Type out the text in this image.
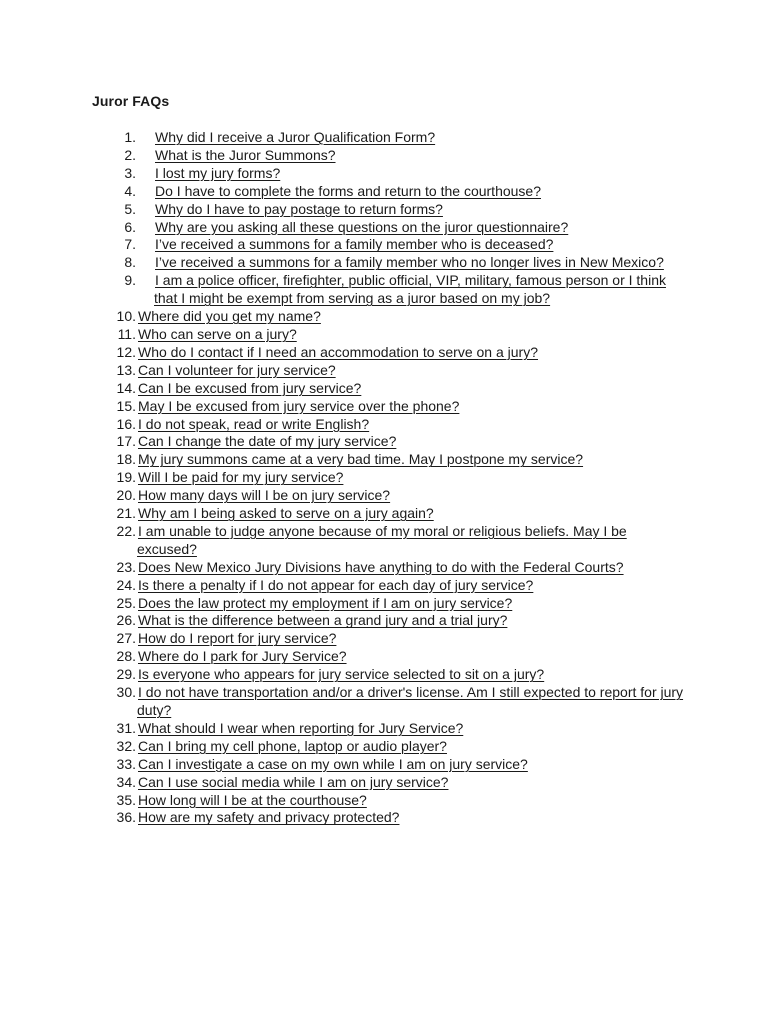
Juror FAQs
1. Why did I receive a Juror Qualification Form?
2. What is the Juror Summons?
3. I lost my jury forms?
4. Do I have to complete the forms and return to the courthouse?
5. Why do I have to pay postage to return forms?
6. Why are you asking all these questions on the juror questionnaire?
7. I’ve received a summons for a family member who is deceased?
8. I’ve received a summons for a family member who no longer lives in New Mexico?
9. I am a police officer, firefighter, public official, VIP, military, famous person or I think that I might be exempt from serving as a juror based on my job?
10. Where did you get my name?
11. Who can serve on a jury?
12. Who do I contact if I need an accommodation to serve on a jury?
13. Can I volunteer for jury service?
14. Can I be excused from jury service?
15. May I be excused from jury service over the phone?
16. I do not speak, read or write English?
17. Can I change the date of my jury service?
18. My jury summons came at a very bad time. May I postpone my service?
19. Will I be paid for my jury service?
20. How many days will I be on jury service?
21. Why am I being asked to serve on a jury again?
22. I am unable to judge anyone because of my moral or religious beliefs. May I be excused?
23. Does New Mexico Jury Divisions have anything to do with the Federal Courts?
24. Is there a penalty if I do not appear for each day of jury service?
25. Does the law protect my employment if I am on jury service?
26. What is the difference between a grand jury and a trial jury?
27. How do I report for jury service?
28. Where do I park for Jury Service?
29. Is everyone who appears for jury service selected to sit on a jury?
30. I do not have transportation and/or a driver's license. Am I still expected to report for jury duty?
31. What should I wear when reporting for Jury Service?
32. Can I bring my cell phone, laptop or audio player?
33. Can I investigate a case on my own while I am on jury service?
34. Can I use social media while I am on jury service?
35. How long will I be at the courthouse?
36. How are my safety and privacy protected?
